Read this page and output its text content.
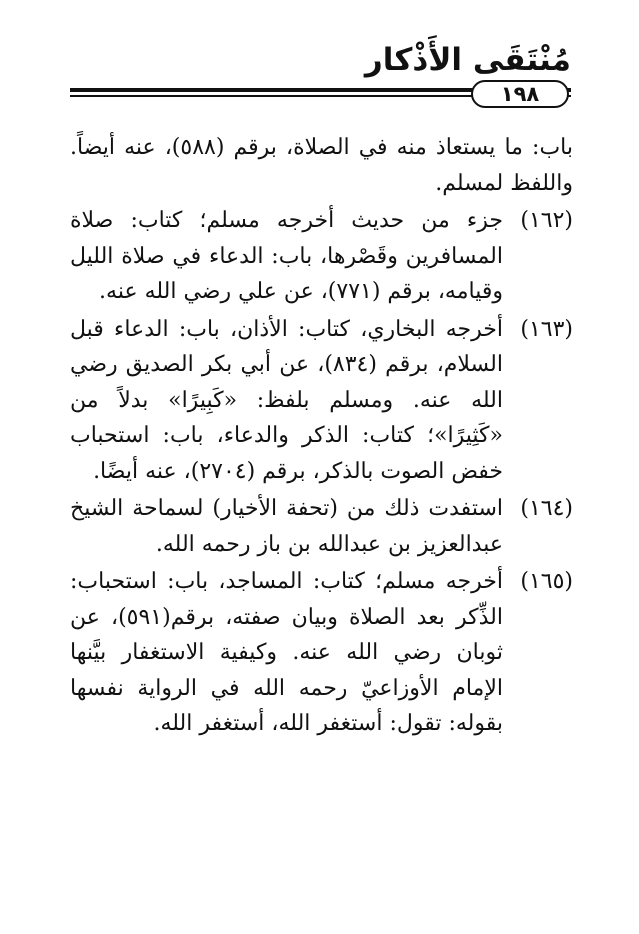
مُنْتَقَى الأَذْكار
١٩٨

باب: ما يستعاذ منه في الصلاة، برقم (٥٨٨)، عنه أيضاً. واللفظ لمسلم.

(١٦٢)جزء من حديث أخرجه مسلم؛ كتاب: صلاة المسافرين وقَصْرها، باب: الدعاء في صلاة الليل وقيامه، برقم (٧٧١)، عن علي رضي الله عنه.

(١٦٣)أخرجه البخاري، كتاب: الأذان، باب: الدعاء قبل السلام، برقم (٨٣٤)، عن أبي بكر الصديق رضي الله عنه. ومسلم بلفظ: «كَبِيرًا» بدلاً من «كَثِيرًا»؛ كتاب: الذكر والدعاء، باب: استحباب خفض الصوت بالذكر، برقم (٢٧٠٤)، عنه أيضًا.

(١٦٤)استفدت ذلك من (تحفة الأخيار) لسماحة الشيخ عبدالعزيز بن عبدالله بن باز رحمه الله.

(١٦٥)أخرجه مسلم؛ كتاب: المساجد، باب: استحباب: الذِّكر بعد الصلاة وبيان صفته، برقم(٥٩١)، عن ثوبان رضي الله عنه. وكيفية الاستغفار بيَّنها الإمام الأوزاعيّ رحمه الله في الرواية نفسها بقوله: تقول: أستغفر الله، أستغفر الله.
